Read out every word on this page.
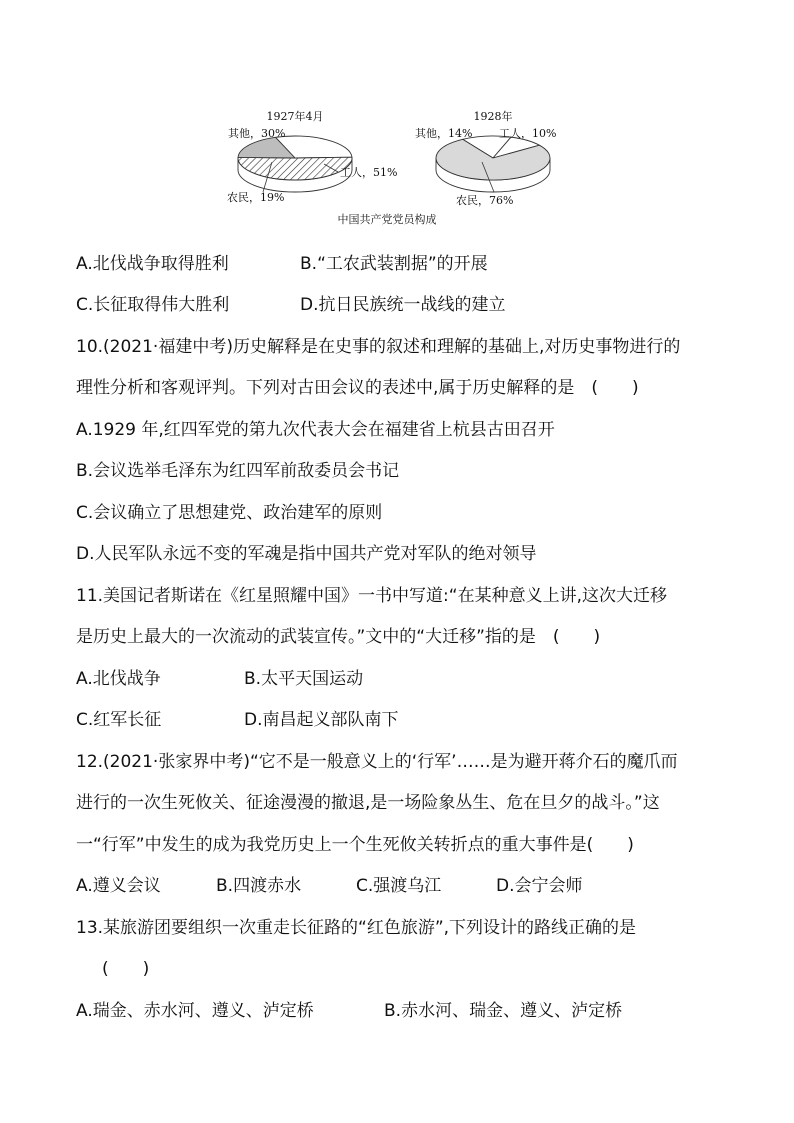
1927年4月
其他，30%
工人，51%
农民，19%
1928年
其他，14% 工人，10%
农民，76%
中国共产党党员构成
A.北伐战争取得胜利	B.“工农武装割据”的开展
C.长征取得伟大胜利	D.抗日民族统一战线的建立
10.(2021·福建中考)历史解释是在史事的叙述和理解的基础上,对历史事物进行的
理性分析和客观评判。下列对古田会议的表述中,属于历史解释的是　(　　)
A.1929 年,红四军党的第九次代表大会在福建省上杭县古田召开
B.会议选举毛泽东为红四军前敌委员会书记
C.会议确立了思想建党、政治建军的原则
D.人民军队永远不变的军魂是指中国共产党对军队的绝对领导
11.美国记者斯诺在《红星照耀中国》一书中写道:“在某种意义上讲,这次大迁移
是历史上最大的一次流动的武装宣传。”文中的“大迁移”指的是　(　　)
A.北伐战争	B.太平天国运动
C.红军长征	D.南昌起义部队南下
12.(2021·张家界中考)“它不是一般意义上的‘行军’……是为避开蒋介石的魔爪而
进行的一次生死攸关、征途漫漫的撤退,是一场险象丛生、危在旦夕的战斗。”这
一“行军”中发生的成为我党历史上一个生死攸关转折点的重大事件是(　　)
A.遵义会议	B.四渡赤水	C.强渡乌江	D.会宁会师
13.某旅游团要组织一次重走长征路的“红色旅游”,下列设计的路线正确的是
(　　)
A.瑞金、赤水河、遵义、泸定桥	B.赤水河、瑞金、遵义、泸定桥
